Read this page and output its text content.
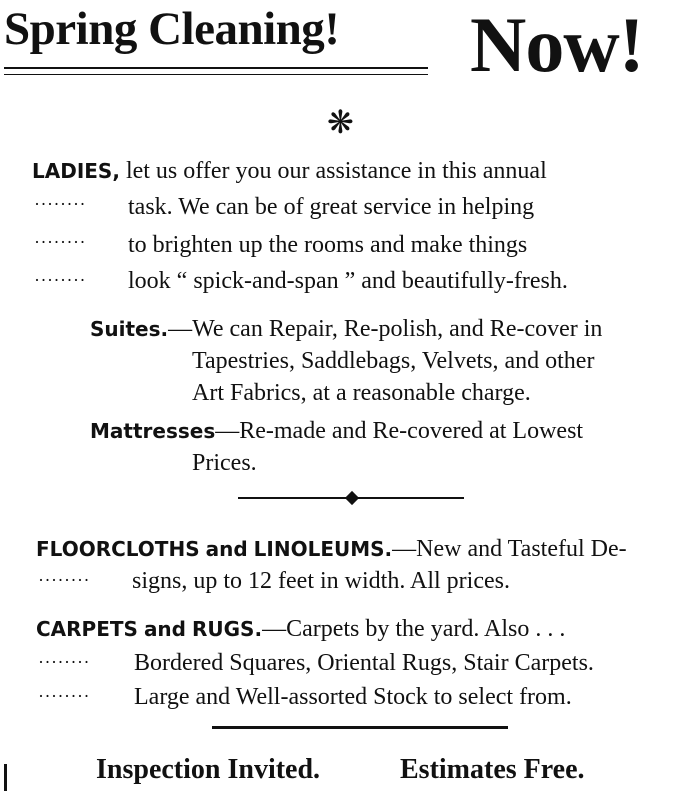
Spring Cleaning! Now!
❋
LADIES, let us offer you our assistance in this annual
········ task. We can be of great service in helping
········ to brighten up the rooms and make things
········ look “ spick-and-span ” and beautifully-fresh.
Suites.—We can Repair, Re-polish, and Re-cover in
Tapestries, Saddlebags, Velvets, and other
Art Fabrics, at a reasonable charge.
Mattresses—Re-made and Re-covered at Lowest
Prices.
FLOORCLOTHS and LINOLEUMS.—New and Tasteful De-
········ signs, up to 12 feet in width. All prices.
CARPETS and RUGS.—Carpets by the yard. Also . . .
········ Bordered Squares, Oriental Rugs, Stair Carpets.
········ Large and Well-assorted Stock to select from.
Inspection Invited.	Estimates Free.
